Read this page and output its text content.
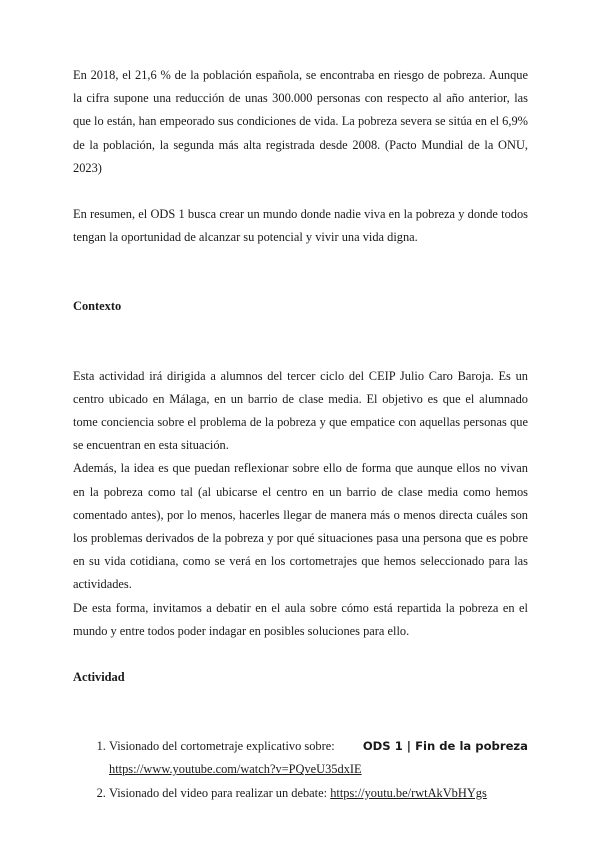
En 2018, el 21,6 % de la población española, se encontraba en riesgo de pobreza. Aunque la cifra supone una reducción de unas 300.000 personas con respecto al año anterior, las que lo están, han empeorado sus condiciones de vida. La pobreza severa se sitúa en el 6,9% de la población, la segunda más alta registrada desde 2008. (Pacto Mundial de la ONU, 2023)

En resumen, el ODS 1 busca crear un mundo donde nadie viva en la pobreza y donde todos tengan la oportunidad de alcanzar su potencial y vivir una vida digna.

Contexto

Esta actividad irá dirigida a alumnos del tercer ciclo del CEIP Julio Caro Baroja. Es un centro ubicado en Málaga, en un barrio de clase media. El objetivo es que el alumnado tome conciencia sobre el problema de la pobreza y que empatice con aquellas personas que se encuentran en esta situación.

Además, la idea es que puedan reflexionar sobre ello de forma que aunque ellos no vivan en la pobreza como tal (al ubicarse el centro en un barrio de clase media como hemos comentado antes), por lo menos, hacerles llegar de manera más o menos directa cuáles son los problemas derivados de la pobreza y por qué situaciones pasa una persona que es pobre en su vida cotidiana, como se verá en los cortometrajes que hemos seleccionado para las actividades.

De esta forma, invitamos a debatir en el aula sobre cómo está repartida la pobreza en el mundo y entre todos poder indagar en posibles soluciones para ello.

Actividad
1. Visionado del cortometraje explicativo sobre: ODS 1 | Fin de la pobreza
https://www.youtube.com/watch?v=PQveU35dxIE
2. Visionado del video para realizar un debate: https://youtu.be/rwtAkVbHYgs
